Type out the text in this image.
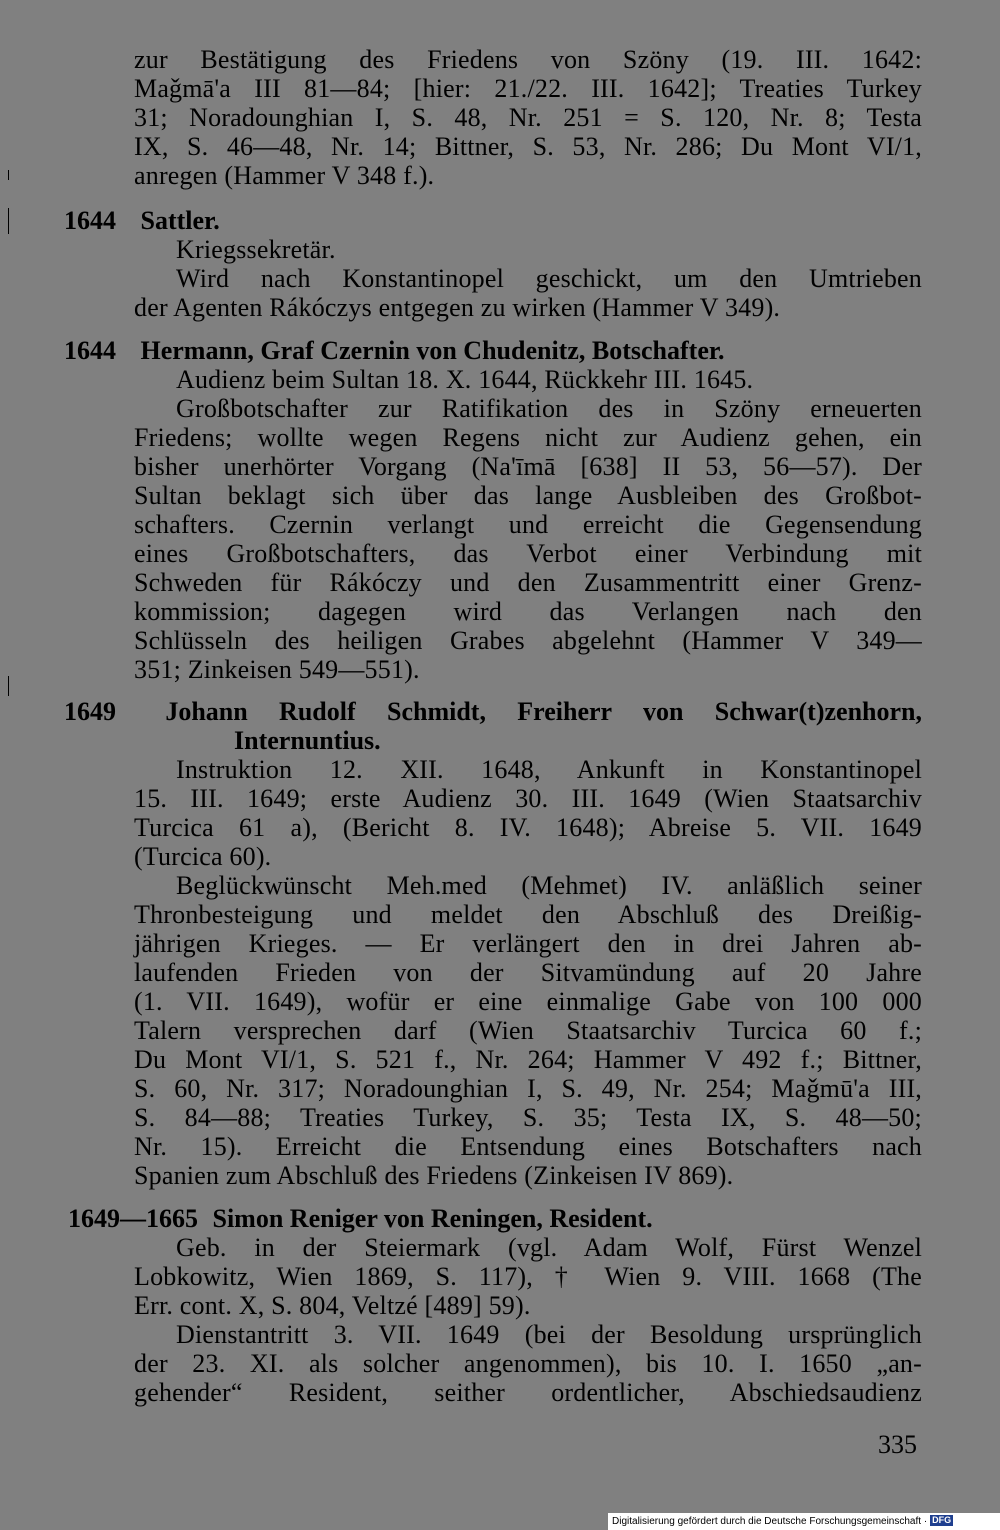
zur Bestätigung des Friedens von Szöny (19. III. 1642:
Maǧmā'a III 81—84; [hier: 21./22. III. 1642]; Treaties Turkey
31; Noradounghian I, S. 48, Nr. 251 = S. 120, Nr. 8; Testa
IX, S. 46—48, Nr. 14; Bittner, S. 53, Nr. 286; Du Mont VI/1,
anregen (Hammer V 348 f.).
1644 Sattler.
Kriegssekretär.
Wird nach Konstantinopel geschickt, um den Umtrieben
der Agenten Rákóczys entgegen zu wirken (Hammer V 349).
1644 Hermann, Graf Czernin von Chudenitz, Botschafter.
Audienz beim Sultan 18. X. 1644, Rückkehr III. 1645.
Großbotschafter zur Ratifikation des in Szöny erneuerten
Friedens; wollte wegen Regens nicht zur Audienz gehen, ein
bisher unerhörter Vorgang (Na'īmā [638] II 53, 56—57). Der
Sultan beklagt sich über das lange Ausbleiben des Großbot-
schafters. Czernin verlangt und erreicht die Gegensendung
eines Großbotschafters, das Verbot einer Verbindung mit
Schweden für Rákóczy und den Zusammentritt einer Grenz-
kommission; dagegen wird das Verlangen nach den
Schlüsseln des heiligen Grabes abgelehnt (Hammer V 349—
351; Zinkeisen 549—551).
1649 Johann Rudolf Schmidt, Freiherr von Schwar(t)zenhorn,
Internuntius.
Instruktion 12. XII. 1648, Ankunft in Konstantinopel
15. III. 1649; erste Audienz 30. III. 1649 (Wien Staatsarchiv
Turcica 61 a), (Bericht 8. IV. 1648); Abreise 5. VII. 1649
(Turcica 60).
Beglückwünscht Meh.med (Mehmet) IV. anläßlich seiner
Thronbesteigung und meldet den Abschluß des Dreißig-
jährigen Krieges. — Er verlängert den in drei Jahren ab-
laufenden Frieden von der Sitvamündung auf 20 Jahre
(1. VII. 1649), wofür er eine einmalige Gabe von 100 000
Talern versprechen darf (Wien Staatsarchiv Turcica 60 f.;
Du Mont VI/1, S. 521 f., Nr. 264; Hammer V 492 f.; Bittner,
S. 60, Nr. 317; Noradounghian I, S. 49, Nr. 254; Maǧmū'a III,
S. 84—88; Treaties Turkey, S. 35; Testa IX, S. 48—50;
Nr. 15). Erreicht die Entsendung eines Botschafters nach
Spanien zum Abschluß des Friedens (Zinkeisen IV 869).
1649—1665 Simon Reniger von Reningen, Resident.
Geb. in der Steiermark (vgl. Adam Wolf, Fürst Wenzel
Lobkowitz, Wien 1869, S. 117), † Wien 9. VIII. 1668 (The
Err. cont. X, S. 804, Veltzé [489] 59).
Dienstantritt 3. VII. 1649 (bei der Besoldung ursprünglich
der 23. XI. als solcher angenommen), bis 10. I. 1650 „an-
gehender“ Resident, seither ordentlicher, Abschiedsaudienz
335
Digitalisierung gefördert durch die Deutsche Forschungsgemeinschaft · DFG
